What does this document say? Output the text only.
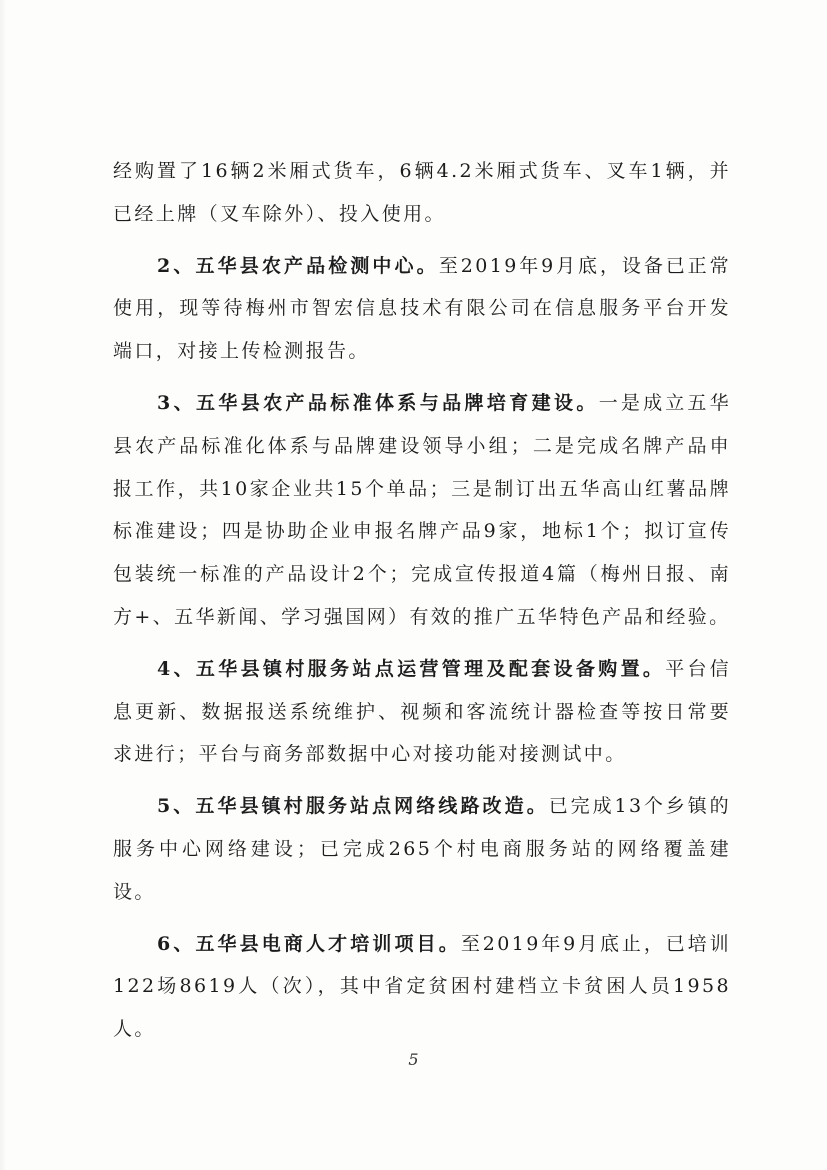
经购置了16辆2米厢式货车，6辆4.2米厢式货车、叉车1辆，并已经上牌（叉车除外）、投入使用。

2、五华县农产品检测中心。至2019年9月底，设备已正常使用，现等待梅州市智宏信息技术有限公司在信息服务平台开发端口，对接上传检测报告。

3、五华县农产品标准体系与品牌培育建设。一是成立五华县农产品标准化体系与品牌建设领导小组；二是完成名牌产品申报工作，共10家企业共15个单品；三是制订出五华高山红薯品牌标准建设；四是协助企业申报名牌产品9家，地标1个；拟订宣传包装统一标准的产品设计2个；完成宣传报道4篇（梅州日报、南方+、五华新闻、学习强国网）有效的推广五华特色产品和经验。

4、五华县镇村服务站点运营管理及配套设备购置。平台信息更新、数据报送系统维护、视频和客流统计器检查等按日常要求进行；平台与商务部数据中心对接功能对接测试中。

5、五华县镇村服务站点网络线路改造。已完成13个乡镇的服务中心网络建设；已完成265个村电商服务站的网络覆盖建设。

6、五华县电商人才培训项目。至2019年9月底止，已培训122场8619人（次），其中省定贫困村建档立卡贫困人员1958人。

5
